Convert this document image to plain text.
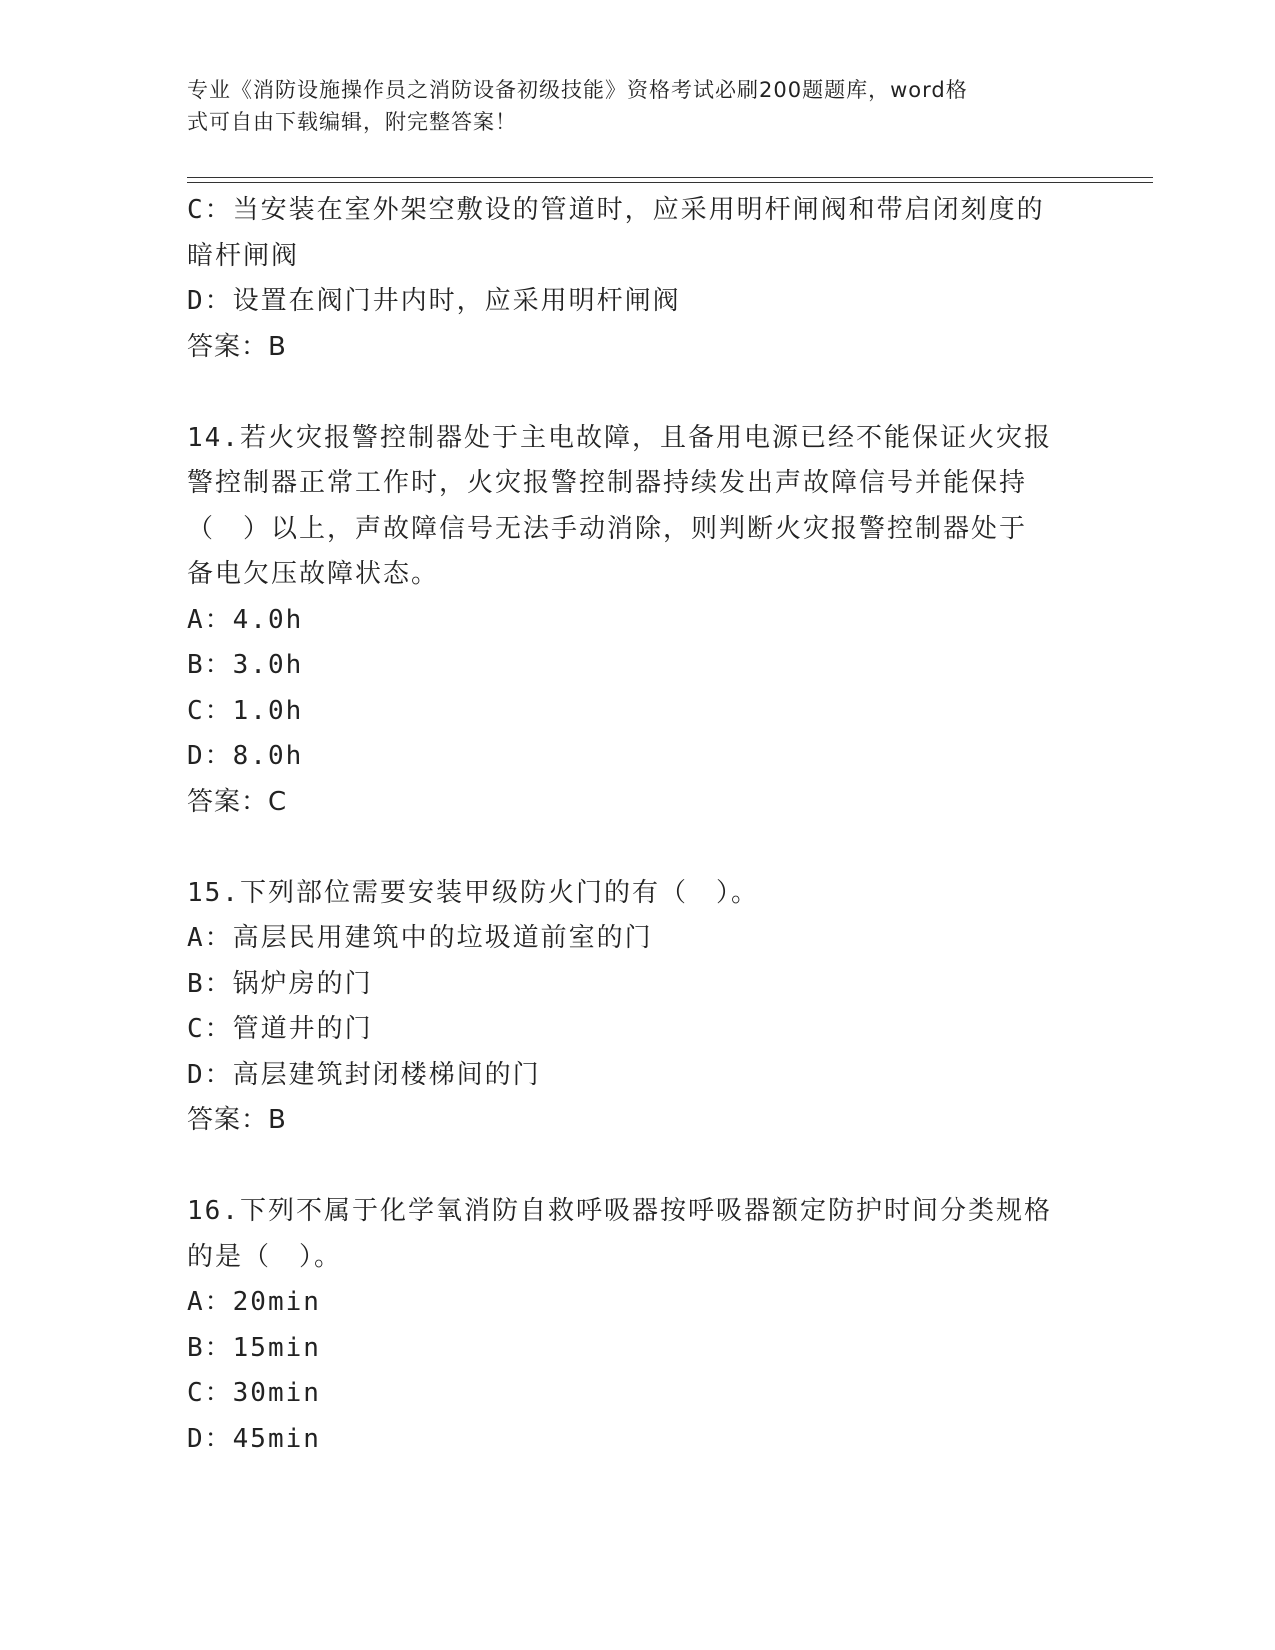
专业《消防设施操作员之消防设备初级技能》资格考试必刷200题题库，word格
式可自由下载编辑，附完整答案！
C：当安装在室外架空敷设的管道时，应采用明杆闸阀和带启闭刻度的
暗杆闸阀
D：设置在阀门井内时，应采用明杆闸阀
答案：B
14.若火灾报警控制器处于主电故障，且备用电源已经不能保证火灾报
警控制器正常工作时，火灾报警控制器持续发出声故障信号并能保持
（　）以上，声故障信号无法手动消除，则判断火灾报警控制器处于
备电欠压故障状态。
A：4.0h
B：3.0h
C：1.0h
D：8.0h
答案：C
15.下列部位需要安装甲级防火门的有（　）。
A：高层民用建筑中的垃圾道前室的门
B：锅炉房的门
C：管道井的门
D：高层建筑封闭楼梯间的门
答案：B
16.下列不属于化学氧消防自救呼吸器按呼吸器额定防护时间分类规格
的是（　）。
A：20min
B：15min
C：30min
D：45min
